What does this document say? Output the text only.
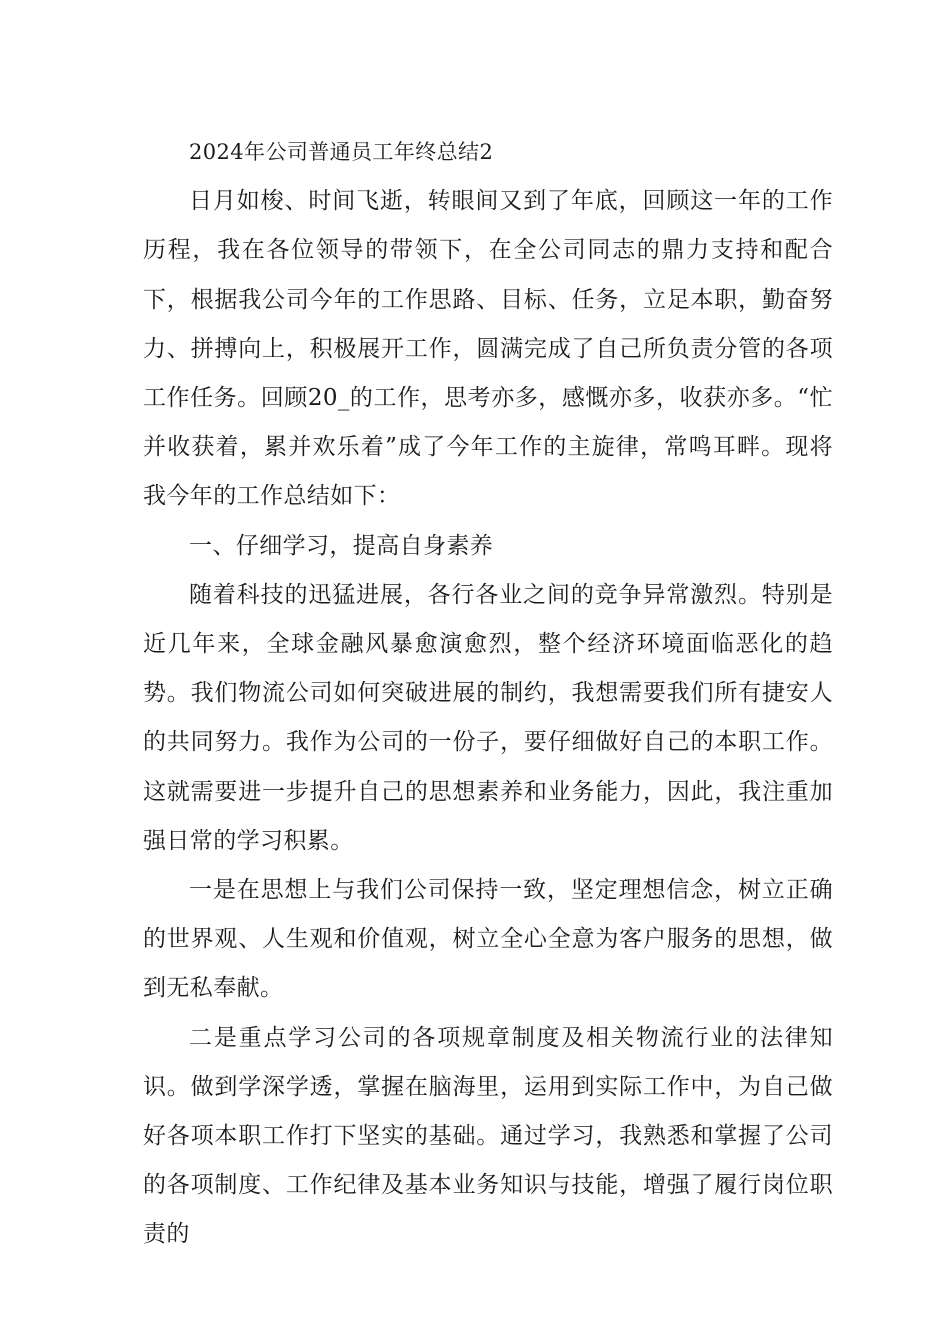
2024年公司普通员工年终总结2

日月如梭、时间飞逝，转眼间又到了年底，回顾这一年的工作历程，我在各位领导的带领下，在全公司同志的鼎力支持和配合下，根据我公司今年的工作思路、目标、任务，立足本职，勤奋努力、拼搏向上，积极展开工作，圆满完成了自己所负责分管的各项工作任务。回顾20_的工作，思考亦多，感慨亦多，收获亦多。“忙并收获着，累并欢乐着”成了今年工作的主旋律，常鸣耳畔。现将我今年的工作总结如下：

一、仔细学习，提高自身素养

随着科技的迅猛进展，各行各业之间的竞争异常激烈。特别是近几年来，全球金融风暴愈演愈烈，整个经济环境面临恶化的趋势。我们物流公司如何突破进展的制约，我想需要我们所有捷安人的共同努力。我作为公司的一份子，要仔细做好自己的本职工作。这就需要进一步提升自己的思想素养和业务能力，因此，我注重加强日常的学习积累。

一是在思想上与我们公司保持一致，坚定理想信念，树立正确的世界观、人生观和价值观，树立全心全意为客户服务的思想，做到无私奉献。

二是重点学习公司的各项规章制度及相关物流行业的法律知识。做到学深学透，掌握在脑海里，运用到实际工作中，为自己做好各项本职工作打下坚实的基础。通过学习，我熟悉和掌握了公司的各项制度、工作纪律及基本业务知识与技能，增强了履行岗位职责的
